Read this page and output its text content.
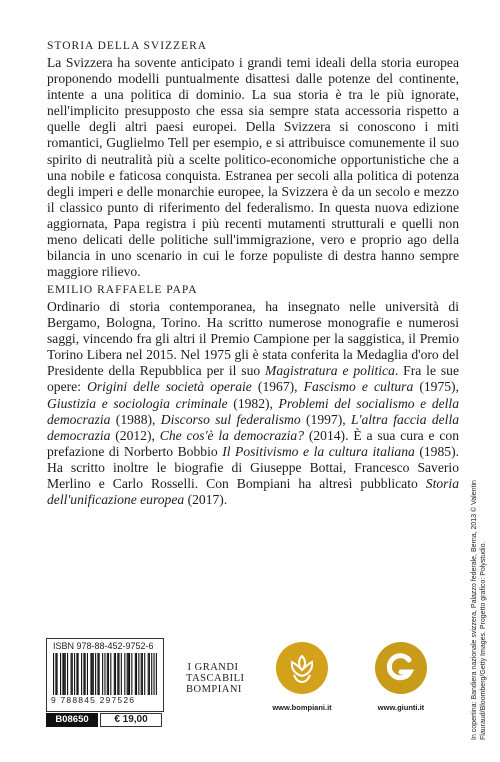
STORIA DELLA SVIZZERA

La Svizzera ha sovente anticipato i grandi temi ideali della storia europea proponendo modelli puntualmente disattesi dalle potenze del continente, intente a una politica di dominio. La sua storia è tra le più ignorate, nell'implicito presupposto che essa sia sempre stata accessoria rispetto a quelle degli altri paesi europei. Della Svizzera si conoscono i miti romantici, Guglielmo Tell per esempio, e si attribuisce comunemente il suo spirito di neutralità più a scelte politico-economiche opportunistiche che a una nobile e faticosa conquista. Estranea per secoli alla politica di potenza degli imperi e delle monarchie europee, la Svizzera è da un secolo e mezzo il classico punto di riferimento del federalismo. In questa nuova edizione aggiornata, Papa registra i più recenti mutamenti strutturali e quelli non meno delicati delle politiche sull'immigrazione, vero e proprio ago della bilancia in uno scenario in cui le forze populiste di destra hanno sempre maggiore rilievo.

EMILIO RAFFAELE PAPA

Ordinario di storia contemporanea, ha insegnato nelle università di Bergamo, Bologna, Torino. Ha scritto numerose monografie e numerosi saggi, vincendo fra gli altri il Premio Campione per la saggistica, il Premio Torino Libera nel 2015. Nel 1975 gli è stata conferita la Medaglia d'oro del Presidente della Repubblica per il suo Magistratura e politica. Fra le sue opere: Origini delle società operaie (1967), Fascismo e cultura (1975), Giustizia e sociologia criminale (1982), Problemi del socialismo e della democrazia (1988), Discorso sul federalismo (1997), L'altra faccia della democrazia (2012), Che cos'è la democrazia? (2014). È a sua cura e con prefazione di Norberto Bobbio Il Positivismo e la cultura italiana (1985). Ha scritto inoltre le biografie di Giuseppe Bottai, Francesco Saverio Merlino e Carlo Rosselli. Con Bompiani ha altresì pubblicato Storia dell'unificazione europea (2017).	In copertina: Bandiera nazionale svizzera, Palazzo federale, Berna, 2013 © Valentin Flauraud/Bloomberg/Getty Images. Progetto grafico: Polystudio.
ISBN 978-88-452-9752-6
9 788845 297526
B08650	€ 19,00
I GRANDI
TASCABILI
BOMPIANI
www.bompiani.it	www.giunti.it
